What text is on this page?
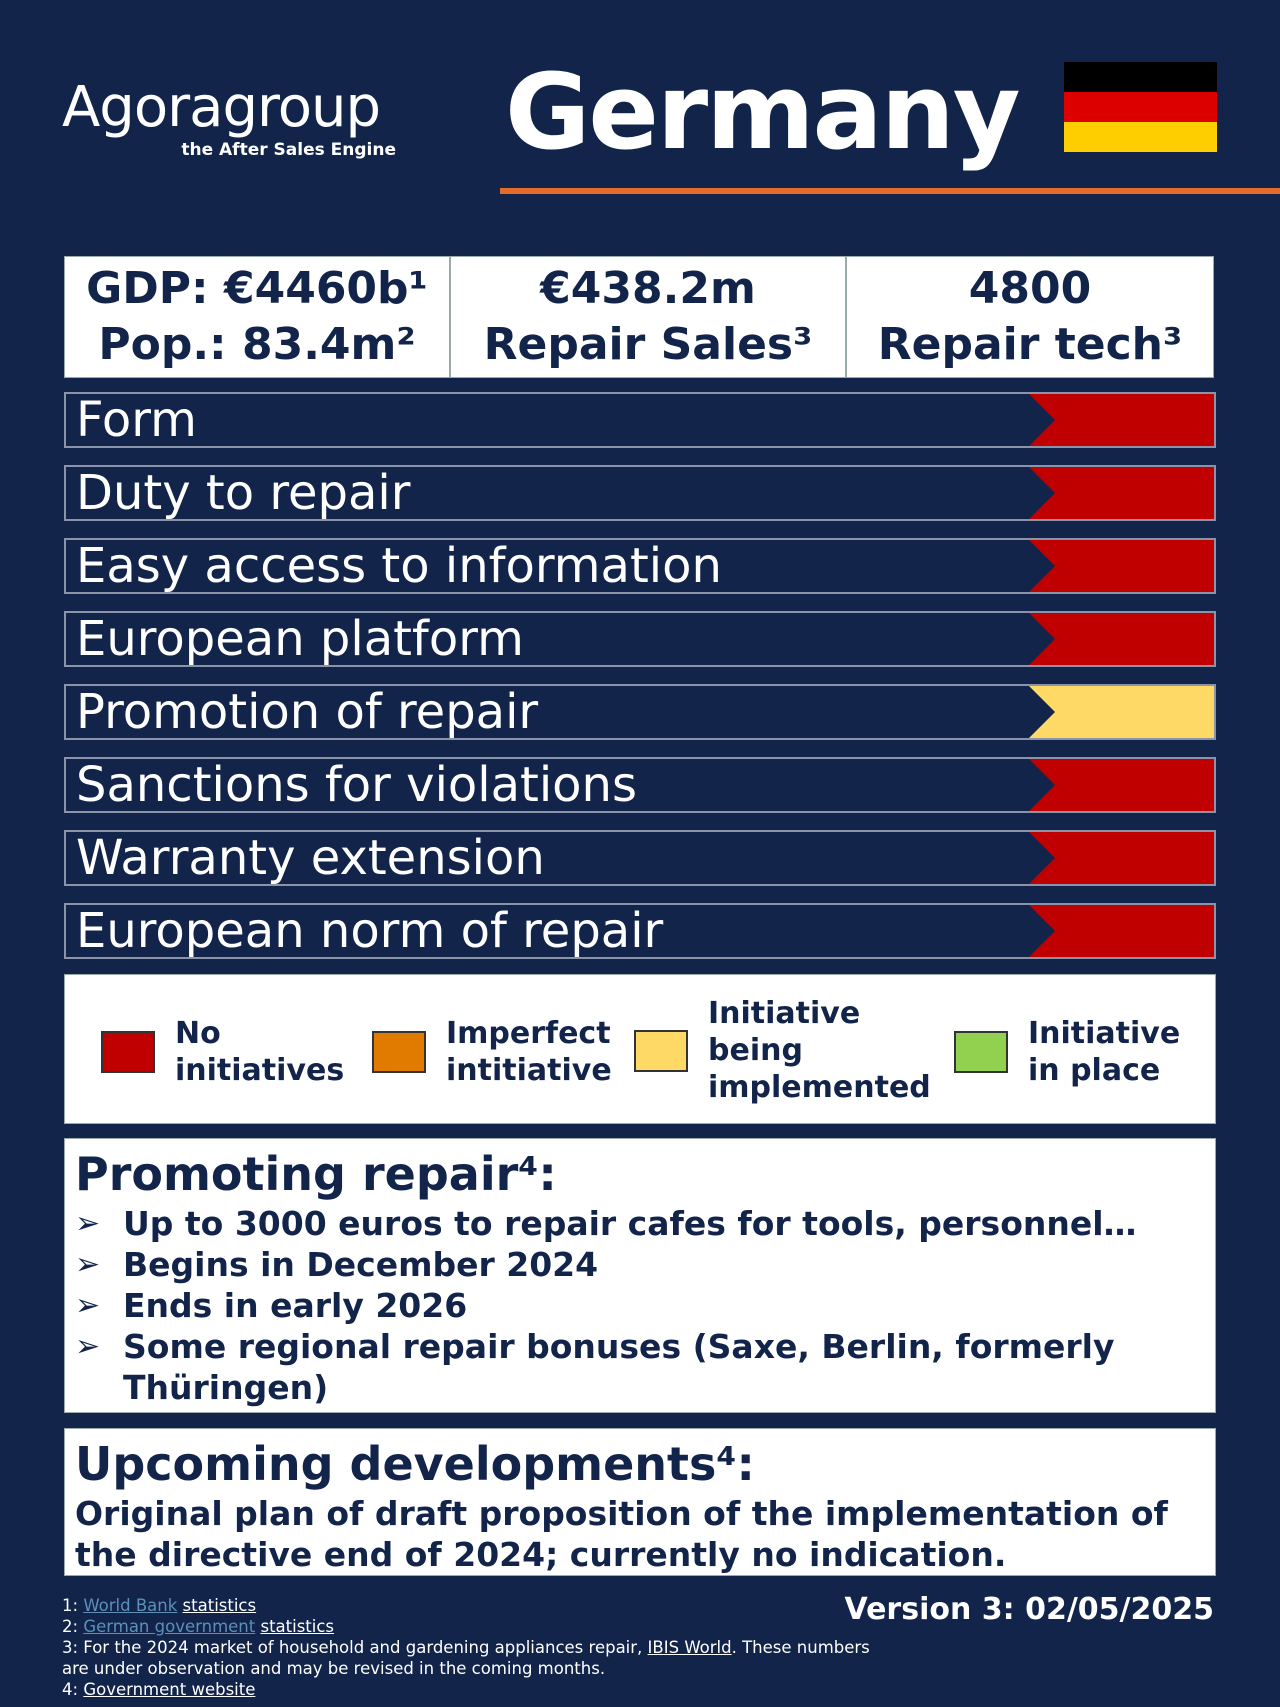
Agoragroup
the After Sales Engine Germany
GDP: €4460b¹
Pop.: 83.4m²
€438.2m
Repair Sales³
4800
Repair tech³
Form
Duty to repair
Easy access to information
European platform
Promotion of repair
Sanctions for violations
Warranty extension
European norm of repair
No
initiatives
Imperfect
intitiative
Initiative
being
implemented
Initiative
in place
Promoting repair⁴:
➢ Up to 3000 euros to repair cafes for tools, personnel…
➢ Begins in December 2024
➢ Ends in early 2026
➢ Some regional repair bonuses (Saxe, Berlin, formerly Thüringen)
Upcoming developments⁴:

Original plan of draft proposition of the implementation of the directive end of 2024; currently no indication.

1: World Bank statistics
2: German government statistics
3: For the 2024 market of household and gardening appliances repair, IBIS World. These numbers are under observation and may be revised in the coming months.
4: Government website
Version 3: 02/05/2025
